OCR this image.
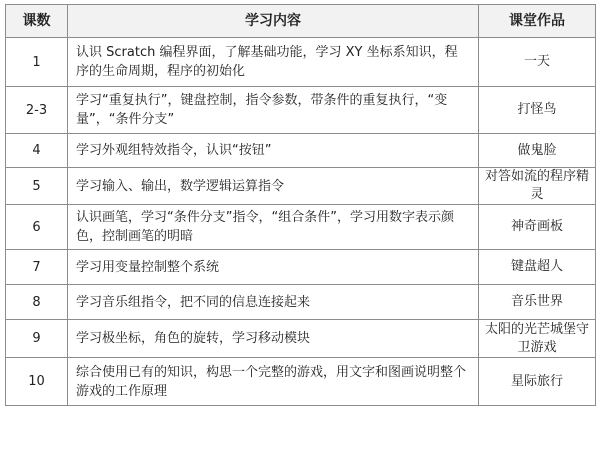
课数	学习内容	课堂作品
1	认识 Scratch 编程界面，了解基础功能，学习 XY 坐标系知识，程序的生命周期，程序的初始化	一天
2-3	学习“重复执行”，键盘控制，指令参数，带条件的重复执行，“变量”，“条件分支”	打怪鸟
4	学习外观组特效指令，认识“按钮”	做鬼脸
5	学习输入、输出，数学逻辑运算指令	对答如流的程序精灵
6	认识画笔，学习“条件分支”指令，“组合条件”，学习用数字表示颜色，控制画笔的明暗	神奇画板
7	学习用变量控制整个系统	键盘超人
8	学习音乐组指令，把不同的信息连接起来	音乐世界
9	学习极坐标，角色的旋转，学习移动模块	太阳的光芒城堡守卫游戏
10	综合使用已有的知识，构思一个完整的游戏，用文字和图画说明整个游戏的工作原理	星际旅行
